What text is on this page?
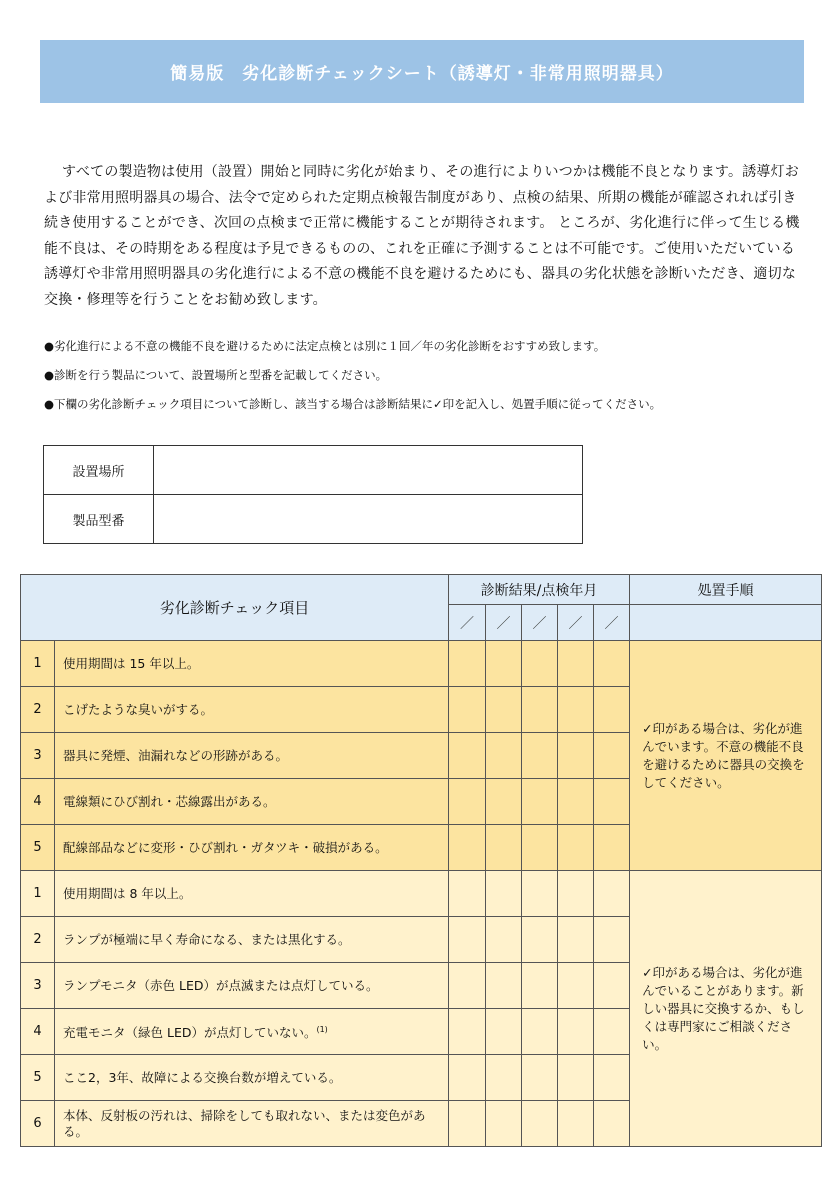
簡易版　劣化診断チェックシート（誘導灯・非常用照明器具）

すべての製造物は使用（設置）開始と同時に劣化が始まり、その進行によりいつかは機能不良となります。誘導灯および非常用照明器具の場合、法令で定められた定期点検報告制度があり、点検の結果、所期の機能が確認されれば引き続き使用することができ、次回の点検まで正常に機能することが期待されます。 ところが、劣化進行に伴って生じる機能不良は、その時期をある程度は予見できるものの、これを正確に予測することは不可能です。ご使用いただいている誘導灯や非常用照明器具の劣化進行による不意の機能不良を避けるためにも、器具の劣化状態を診断いただき、適切な交換・修理等を行うことをお勧め致します。

●劣化進行による不意の機能不良を避けるために法定点検とは別に１回／年の劣化診断をおすすめ致します。
●診断を行う製品について、設置場所と型番を記載してください。
●下欄の劣化診断チェック項目について診断し、該当する場合は診断結果に✓印を記入し、処置手順に従ってください。
設置場所	
製品型番	
劣化診断チェック項目		診断結果/点検年月					処置手順
		／	／	／	／	／	
1	使用期間は 15 年以上。						✓印がある場合は、劣化が進んでいます。不意の機能不良を避けるために器具の交換をしてください。
2	こげたような臭いがする。						
3	器具に発煙、油漏れなどの形跡がある。						
4	電線類にひび割れ・芯線露出がある。						
5	配線部品などに変形・ひび割れ・ガタツキ・破損がある。						
1	使用期間は 8 年以上。						✓印がある場合は、劣化が進んでいることがあります。新しい器具に交換するか、もしくは専門家にご相談ください。
2	ランプが極端に早く寿命になる、または黒化する。						
3	ランプモニタ（赤色 LED）が点滅または点灯している。						
4	充電モニタ（緑色 LED）が点灯していない。$^{(1)}$					
5	ここ2，3年、故障による交換台数が増えている。						
6	本体、反射板の汚れは、掃除をしても取れない、または変色がある。						
